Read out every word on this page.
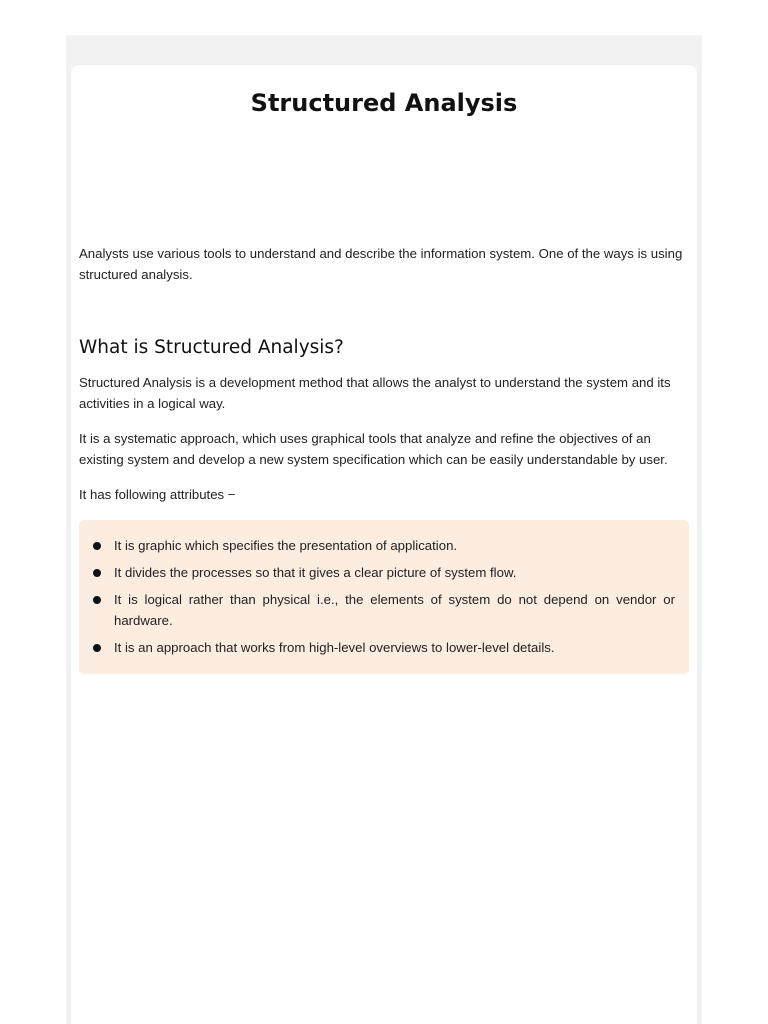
Structured Analysis

Analysts use various tools to understand and describe the information system. One of the ways is using structured analysis.

What is Structured Analysis?

Structured Analysis is a development method that allows the analyst to understand the system and its activities in a logical way.

It is a systematic approach, which uses graphical tools that analyze and refine the objectives of an existing system and develop a new system specification which can be easily understandable by user.

It has following attributes −

It is graphic which specifies the presentation of application.
It divides the processes so that it gives a clear picture of system flow.
It is logical rather than physical i.e., the elements of system do not depend on vendor or hardware.
It is an approach that works from high-level overviews to lower-level details.
